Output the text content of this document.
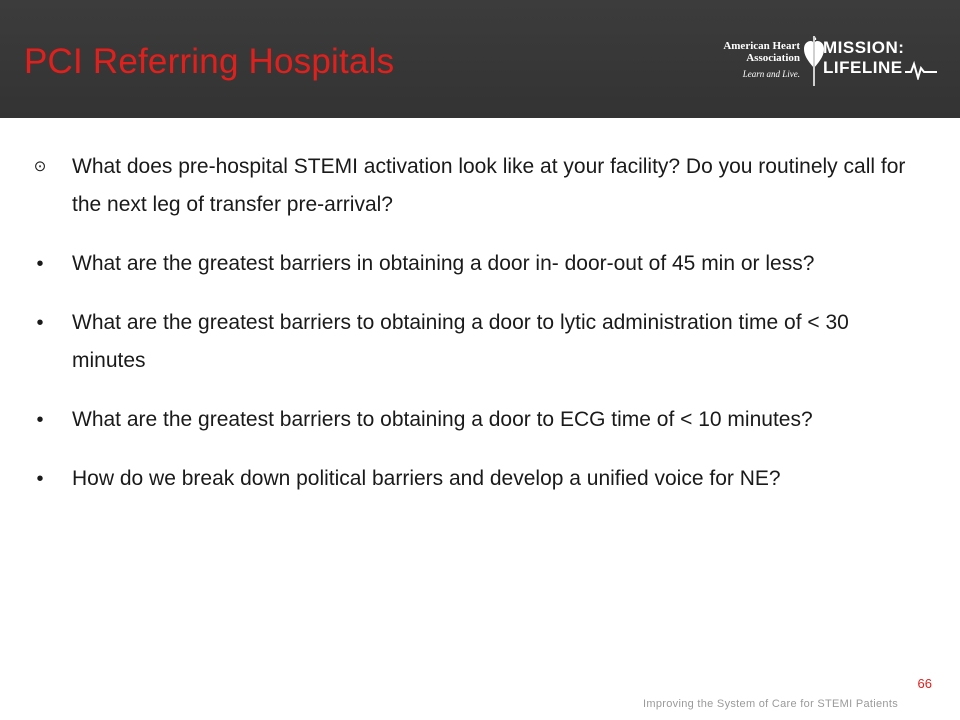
PCI Referring Hospitals	American Heart
Association
Learn and Live.
MISSION:
LIFELINE
⊙ What does pre-hospital STEMI activation look like at your facility? Do you routinely call for the next leg of transfer pre-arrival?
•	What are the greatest barriers in obtaining a door in- door-out of 45 min or less?
•	What are the greatest barriers to obtaining a door to lytic administration time of < 30 minutes
•	What are the greatest barriers to obtaining a door to ECG time of < 10 minutes?
•	How do we break down political barriers and develop a unified voice for NE?
66
Improving the System of Care for STEMI Patients
